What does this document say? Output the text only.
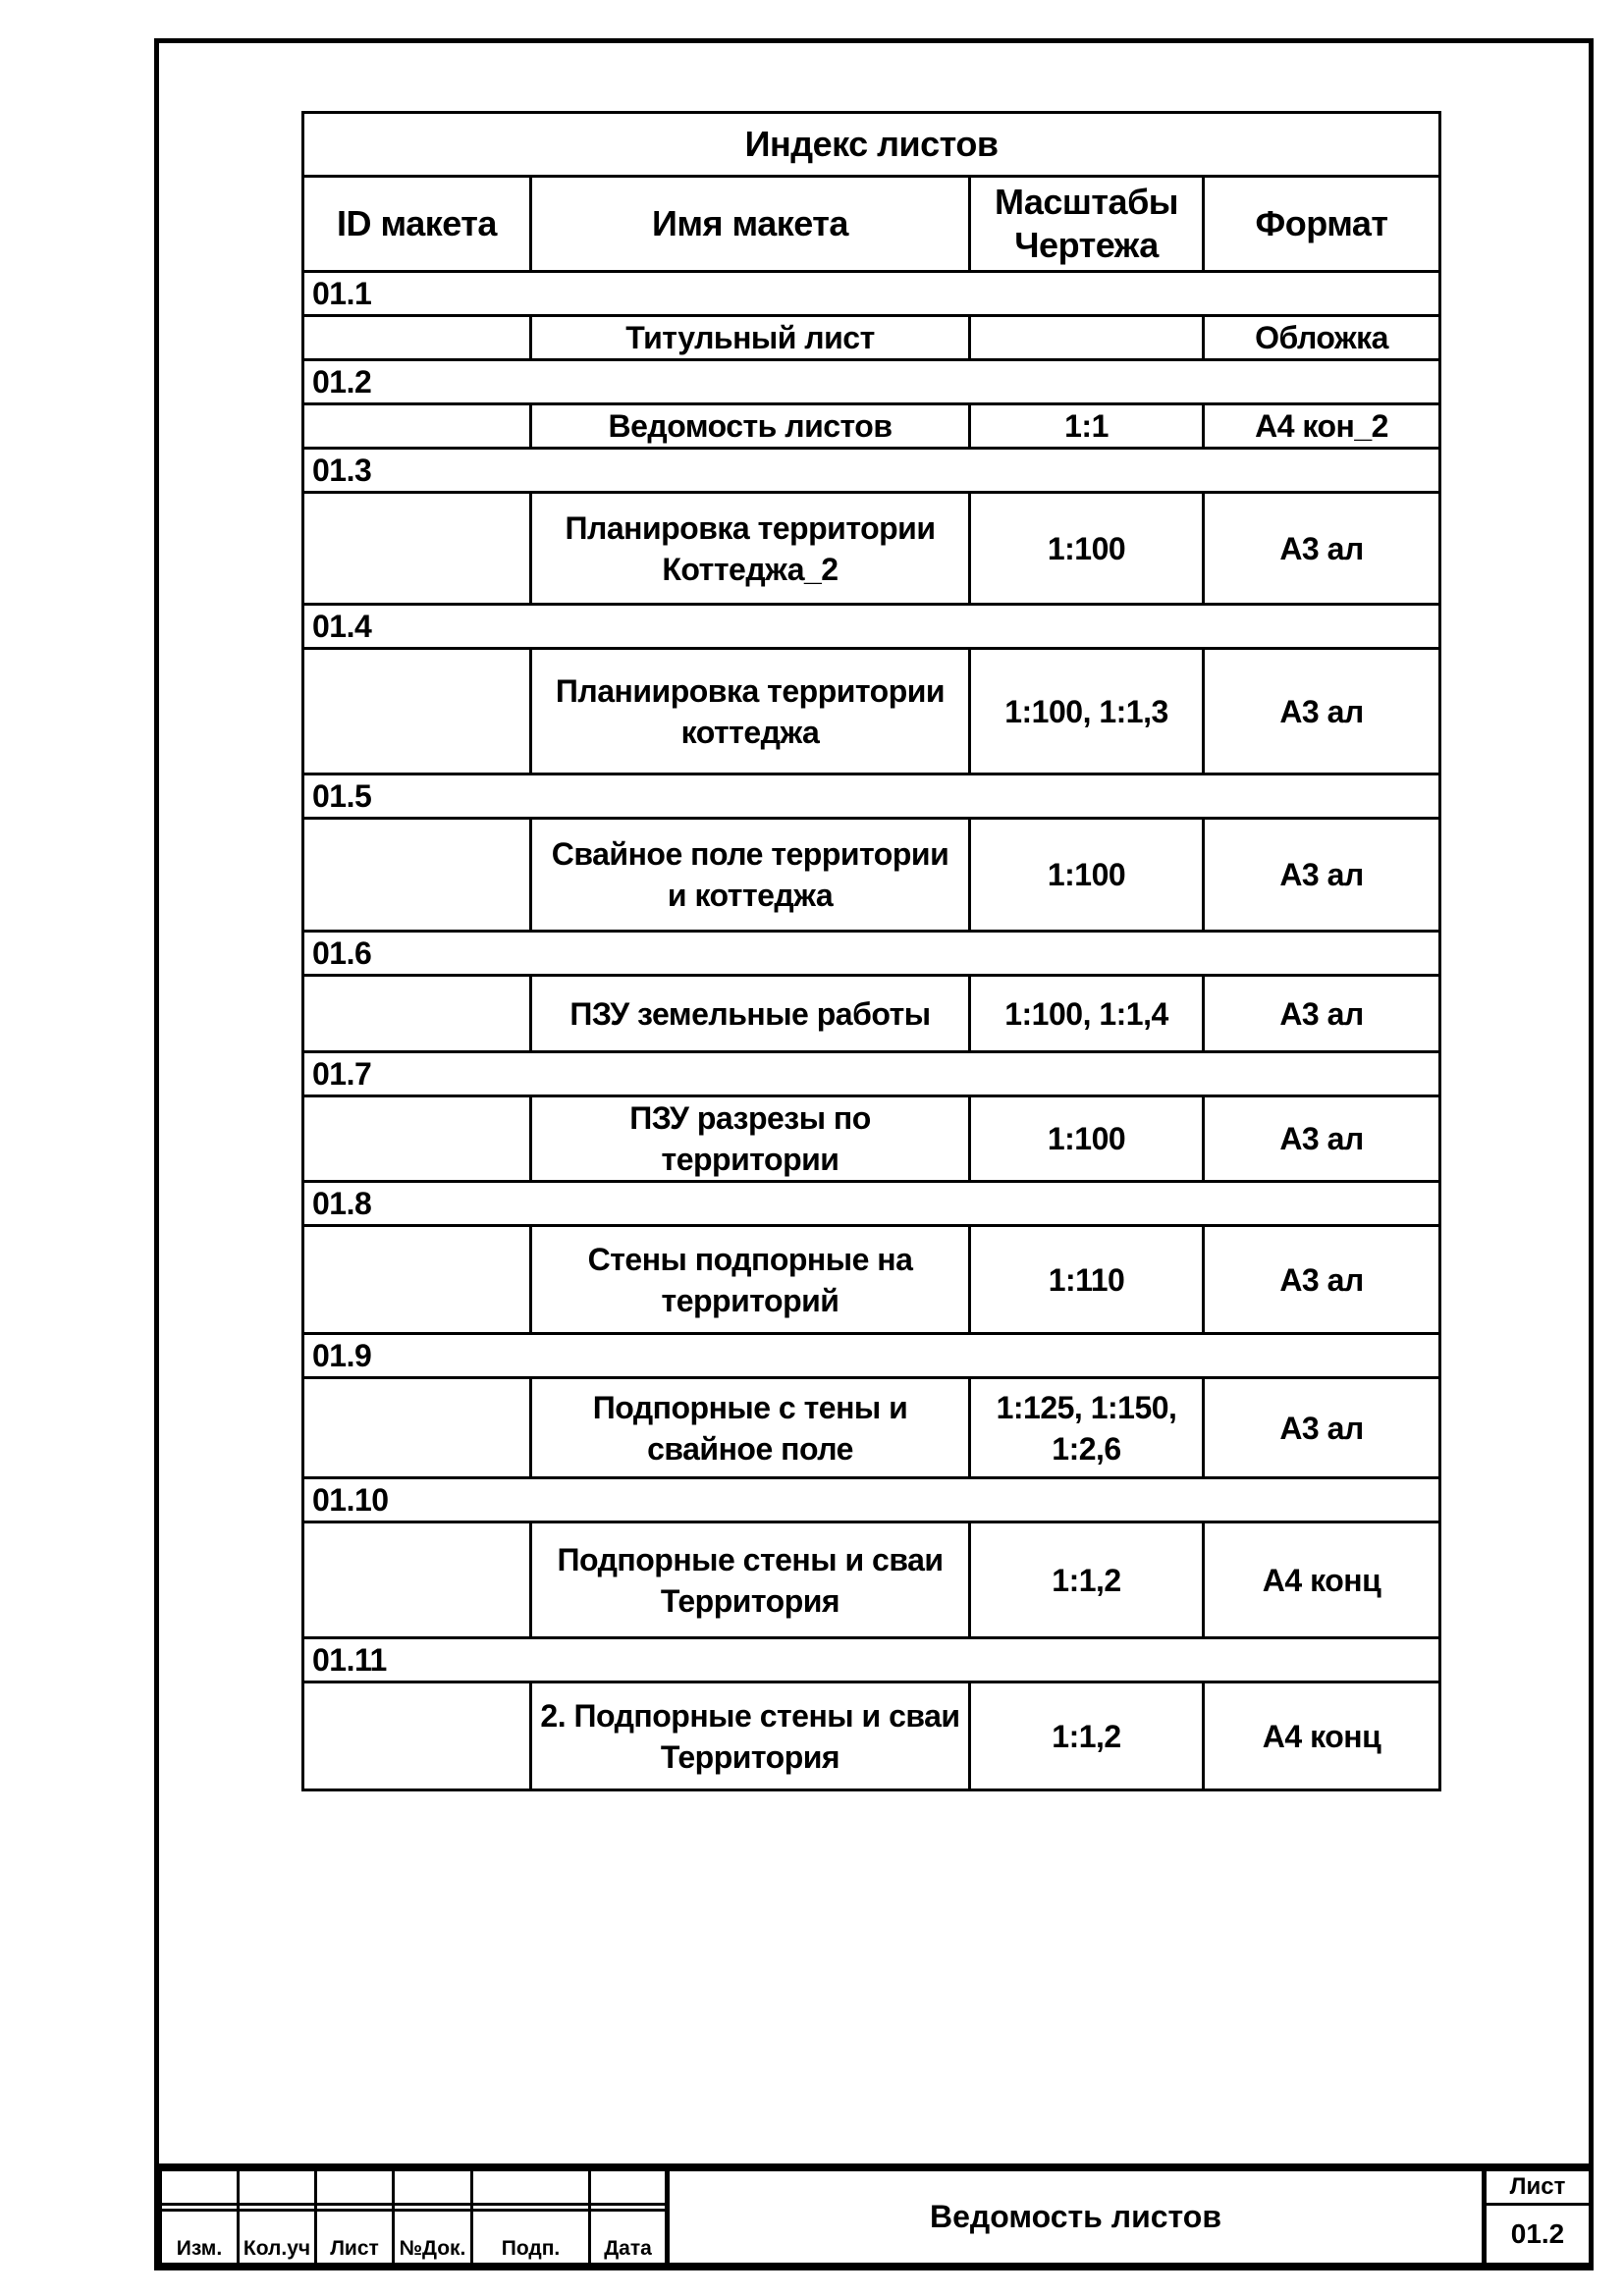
Индекс листов			
ID макета	Имя макета	Масштабы Чертежа	Формат
01.1			
	Титульный лист		Обложка
01.2			
	Ведомость листов	1:1	А4 кон_2
01.3			
	Планировка территории Коттеджа_2	1:100	А3 ал
01.4			
	Планиировка территории коттеджа	1:100, 1:1,3	А3 ал
01.5			
	Свайное поле территории и коттеджа	1:100	А3 ал
01.6			
	ПЗУ земельные работы	1:100, 1:1,4	А3 ал
01.7			
	ПЗУ разрезы по территории	1:100	А3 ал
01.8			
	Стены подпорные на территорий	1:110	А3 ал
01.9			
	Подпорные с тены и свайное поле	1:125, 1:150, 1:2,6	А3 ал
01.10			
	Подпорные стены и сваи Территория	1:1,2	А4 конц
01.11			
	2. Подпорные стены и сваи Территория	1:1,2	А4 конц
						Ведомость листов	Лист
							01.2
Изм.	Кол.уч	Лист	№Док.	Подп.	Дата		
